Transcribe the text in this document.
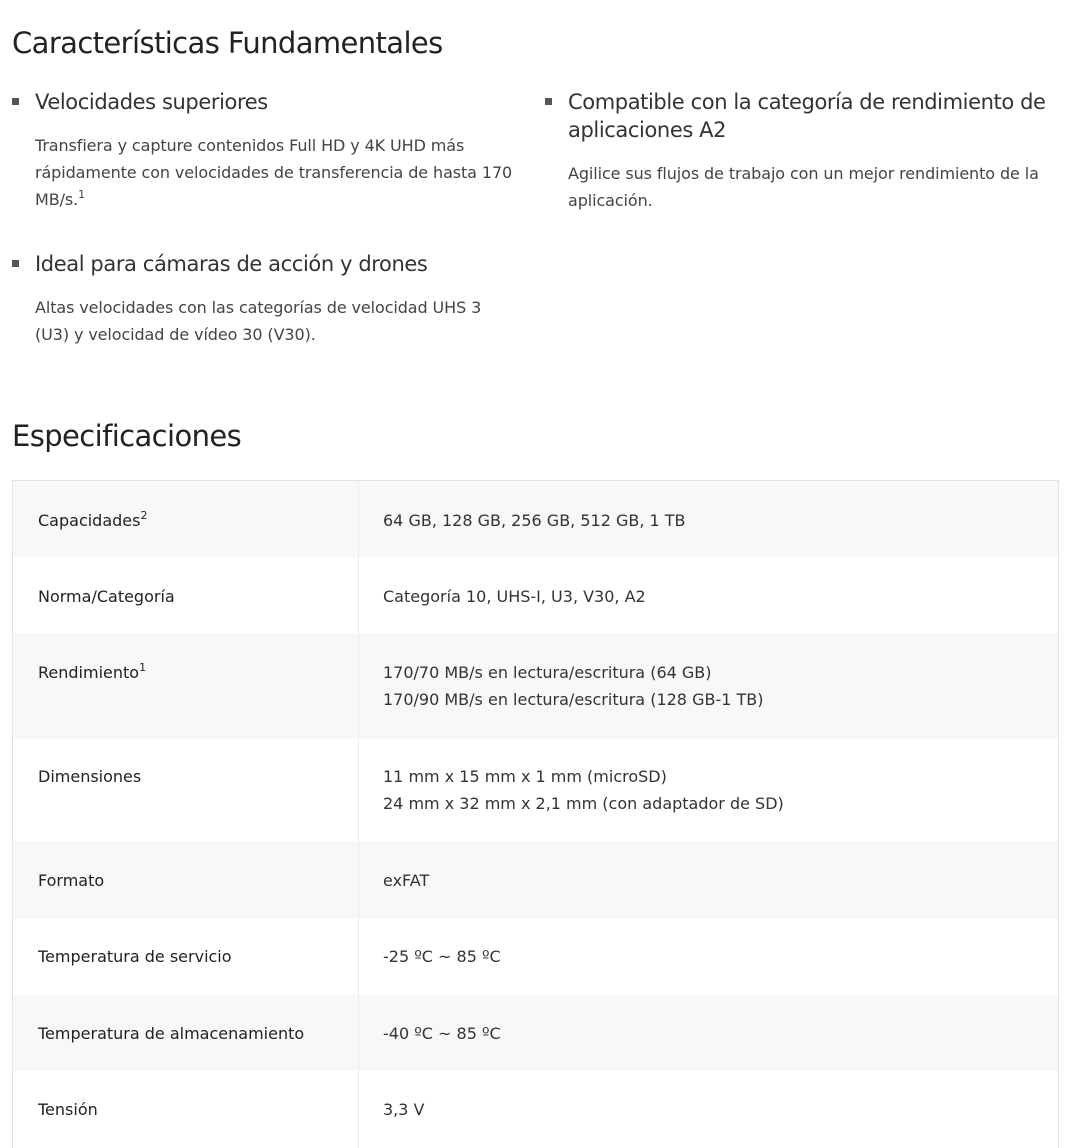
Características Fundamentales
Velocidades superiores
Transfiera y capture contenidos Full HD y 4K UHD más rápidamente con velocidades de transferencia de hasta 170 MB/s.$^1$
Compatible con la categoría de rendimiento de aplicaciones A2
Agilice sus flujos de trabajo con un mejor rendimiento de la aplicación.
Ideal para cámaras de acción y drones
Altas velocidades con las categorías de velocidad UHS 3 (U3) y velocidad de vídeo 30 (V30).
Especificaciones
Capacidades$^2$	64 GB, 128 GB, 256 GB, 512 GB, 1 TB
Norma/Categoría	Categoría 10, UHS-I, U3, V30, A2
Rendimiento$^1$	170/70 MB/s en lectura/escritura (64 GB)
170/90 MB/s en lectura/escritura (128 GB-1 TB)
Dimensiones	11 mm x 15 mm x 1 mm (microSD)
24 mm x 32 mm x 2,1 mm (con adaptador de SD)
Formato	exFAT
Temperatura de servicio	-25 ºC ~ 85 ºC
Temperatura de almacenamiento	-40 ºC ~ 85 ºC
Tensión	3,3 V
